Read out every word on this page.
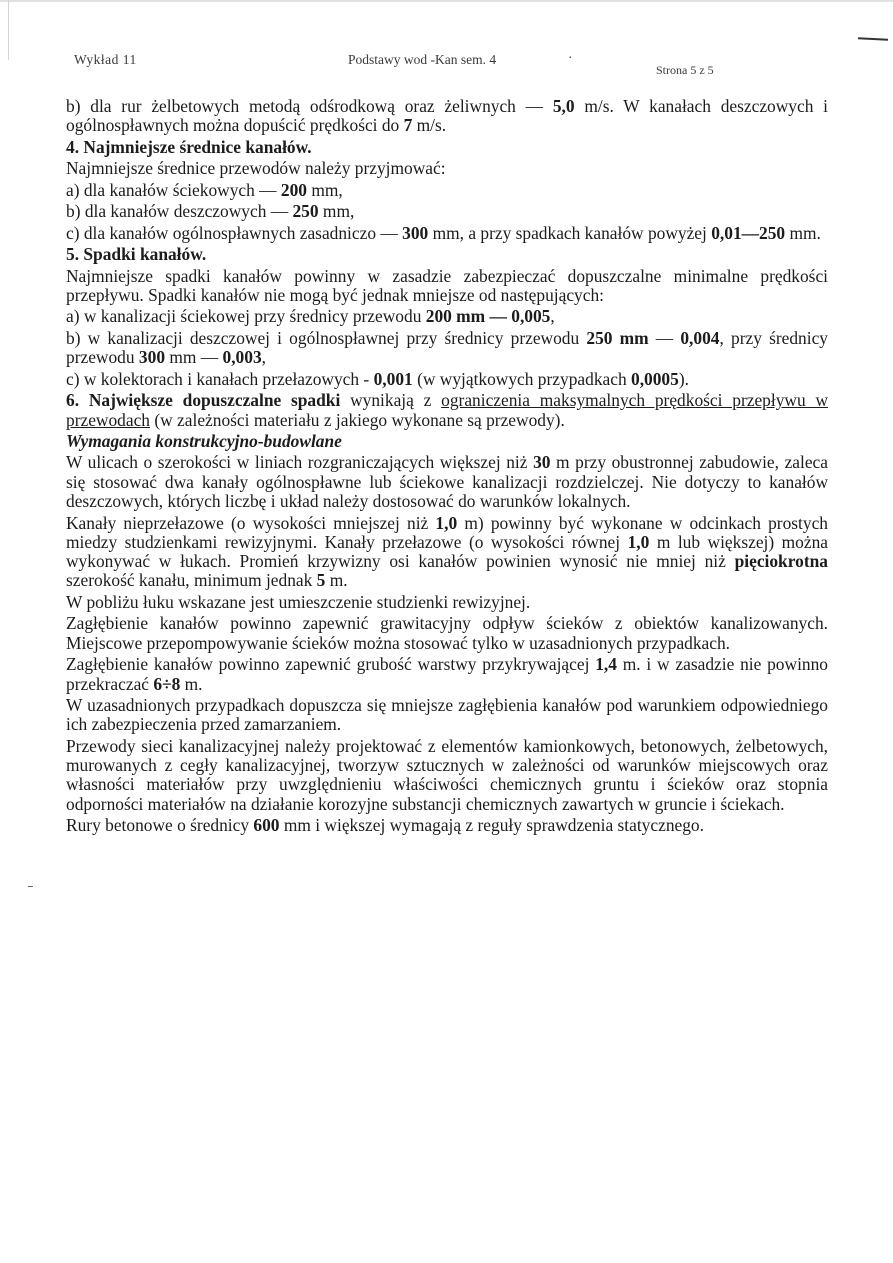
Wykład 11	Podstawy wod -Kan sem. 4	·
Strona 5 z 5
b) dla rur żelbetowych metodą odśrodkową oraz żeliwnych — 5,0 m/s. W kanałach deszczowych i ogólnospławnych można dopuścić prędkości do 7 m/s.
4. Najmniejsze średnice kanałów.
Najmniejsze średnice przewodów należy przyjmować:
a) dla kanałów ściekowych — 200 mm,
b) dla kanałów deszczowych — 250 mm,
c) dla kanałów ogólnospławnych zasadniczo — 300 mm, a przy spadkach kanałów powyżej 0,01—250 mm.
5. Spadki kanałów.
Najmniejsze spadki kanałów powinny w zasadzie zabezpieczać dopuszczalne minimalne prędkości przepływu. Spadki kanałów nie mogą być jednak mniejsze od następujących:
a) w kanalizacji ściekowej przy średnicy przewodu 200 mm — 0,005,
b) w kanalizacji deszczowej i ogólnospławnej przy średnicy przewodu 250 mm — 0,004, przy średnicy przewodu 300 mm — 0,003,
c) w kolektorach i kanałach przełazowych - 0,001 (w wyjątkowych przypadkach 0,0005).
6. Największe dopuszczalne spadki wynikają z ograniczenia maksymalnych prędkości przepływu w przewodach (w zależności materiału z jakiego wykonane są przewody).
Wymagania konstrukcyjno-budowlane
W ulicach o szerokości w liniach rozgraniczających większej niż 30 m przy obustronnej zabudowie, zaleca się stosować dwa kanały ogólnospławne lub ściekowe kanalizacji rozdzielczej. Nie dotyczy to kanałów deszczowych, których liczbę i układ należy dostosować do warunków lokalnych.
Kanały nieprzełazowe (o wysokości mniejszej niż 1,0 m) powinny być wykonane w odcinkach prostych miedzy studzienkami rewizyjnymi. Kanały przełazowe (o wysokości równej 1,0 m lub większej) można wykonywać w łukach. Promień krzywizny osi kanałów powinien wynosić nie mniej niż pięciokrotna szerokość kanału, minimum jednak 5 m.
W pobliżu łuku wskazane jest umieszczenie studzienki rewizyjnej.
Zagłębienie kanałów powinno zapewnić grawitacyjny odpływ ścieków z obiektów kanalizowanych. Miejscowe przepompowywanie ścieków można stosować tylko w uzasadnionych przypadkach.
Zagłębienie kanałów powinno zapewnić grubość warstwy przykrywającej 1,4 m. i w zasadzie nie powinno przekraczać 6÷8 m.
W uzasadnionych przypadkach dopuszcza się mniejsze zagłębienia kanałów pod warunkiem odpowiedniego ich zabezpieczenia przed zamarzaniem.
Przewody sieci kanalizacyjnej należy projektować z elementów kamionkowych, betonowych, żelbetowych, murowanych z cegły kanalizacyjnej, tworzyw sztucznych w zależności od warunków miejscowych oraz własności materiałów przy uwzględnieniu właściwości chemicznych gruntu i ścieków oraz stopnia odporności materiałów na działanie korozyjne substancji chemicznych zawartych w gruncie i ściekach.
Rury betonowe o średnicy 600 mm i większej wymagają z reguły sprawdzenia statycznego.
